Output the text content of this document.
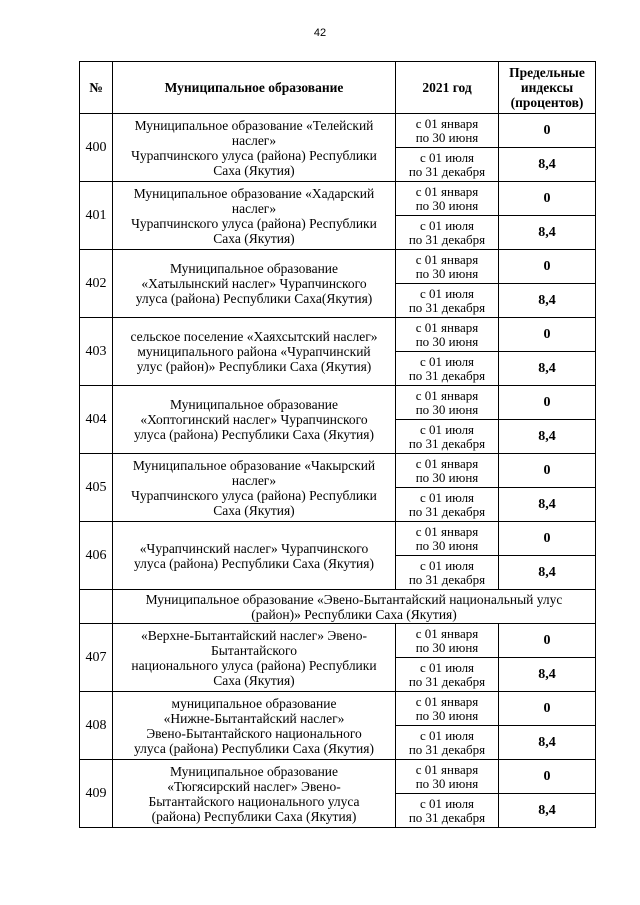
42
№	Муниципальное образование	2021 год	Предельные
индексы
(процентов)

400	Муниципальное образование «Телейский
наслег»
Чурапчинского улуса (района) Республики
Саха (Якутия)	с 01 января
по 30 июня	0

		с 01 июля
по 31 декабря	8,4
401	Муниципальное образование «Хадарский
наслег»
Чурапчинского улуса (района) Республики
Саха (Якутия)	с 01 января
по 30 июня	0

		с 01 июля
по 31 декабря	8,4
402	Муниципальное образование
«Хатылынский наслег» Чурапчинского
улуса (района) Республики Саха(Якутия)	с 01 января
по 30 июня	0

		с 01 июля
по 31 декабря	8,4
403	сельское поселение «Хаяхсытский наслег»
муниципального района «Чурапчинский
улус (район)» Республики Саха (Якутия)	с 01 января
по 30 июня	0

		с 01 июля
по 31 декабря	8,4
404	Муниципальное образование
«Хоптогинский наслег» Чурапчинского
улуса (района) Республики Саха (Якутия)	с 01 января
по 30 июня	0

		с 01 июля
по 31 декабря	8,4
405	Муниципальное образование «Чакырский
наслег»
Чурапчинского улуса (района) Республики
Саха (Якутия)	с 01 января
по 30 июня	0

		с 01 июля
по 31 декабря	8,4
406	«Чурапчинский наслег» Чурапчинского
улуса (района) Республики Саха (Якутия)	с 01 января
по 30 июня	0

		с 01 июля
по 31 декабря	8,4

	Муниципальное образование «Эвено-Бытантайский национальный улус
(район)» Республики Саха (Якутия)		

407	«Верхне-Бытантайский наслег» Эвено-
Бытантайского
национального улуса (района) Республики
Саха (Якутия)	с 01 января
по 30 июня	0

		с 01 июля
по 31 декабря	8,4
408	муниципальное образование
«Нижне-Бытантайский наслег»
Эвено-Бытантайского национального
улуса (района) Республики Саха (Якутия)	с 01 января
по 30 июня	0

		с 01 июля
по 31 декабря	8,4
409	Муниципальное образование
«Тюгясирский наслег» Эвено-
Бытантайского национального улуса
(района) Республики Саха (Якутия)	с 01 января
по 30 июня	0

		с 01 июля
по 31 декабря	8,4
